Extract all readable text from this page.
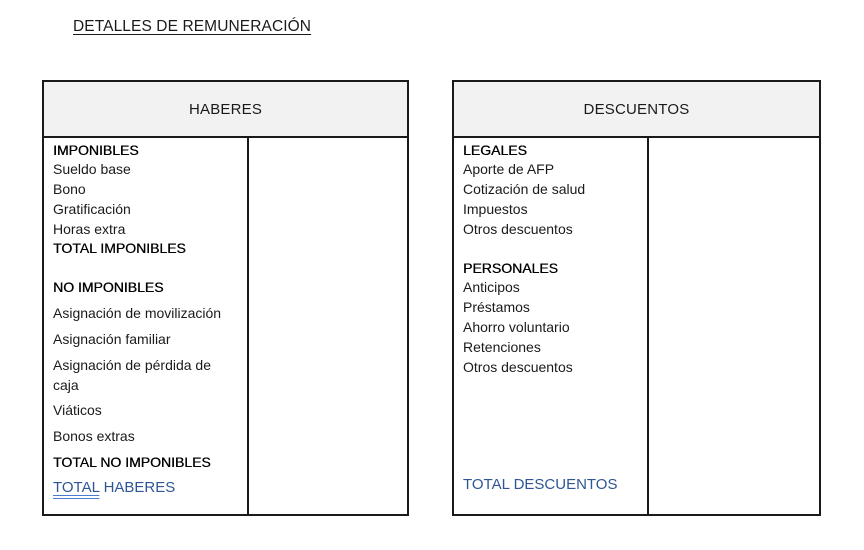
DETALLES DE REMUNERACIÓN
HABERES
IMPONIBLES
Sueldo base
Bono
Gratificación
Horas extra
TOTAL IMPONIBLES
NO IMPONIBLES
Asignación de movilización
Asignación familiar
Asignación de pérdida de caja
Viáticos
Bonos extras
TOTAL NO IMPONIBLES
TOTAL HABERES
DESCUENTOS
LEGALES
Aporte de AFP
Cotización de salud
Impuestos
Otros descuentos
PERSONALES
Anticipos
Préstamos
Ahorro voluntario
Retenciones
Otros descuentos
TOTAL DESCUENTOS
